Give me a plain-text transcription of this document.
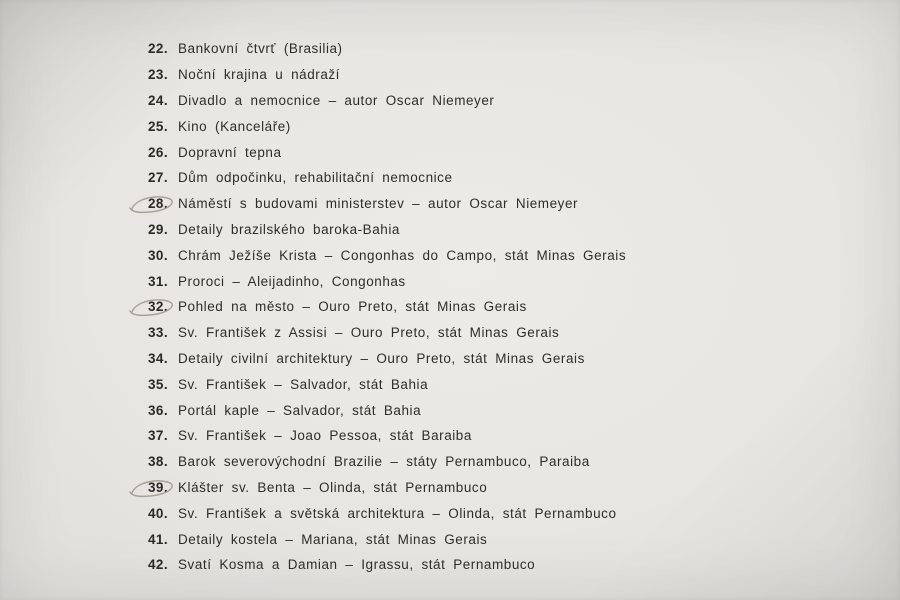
22. Bankovní čtvrť (Brasilia)
23. Noční krajina u nádraží
24. Divadlo a nemocnice – autor Oscar Niemeyer
25. Kino (Kanceláře)
26. Dopravní tepna
27. Dům odpočinku, rehabilitační nemocnice
28. Náměstí s budovami ministerstev – autor Oscar Niemeyer
29. Detaily brazilského baroka-Bahia
30. Chrám Ježíše Krista – Congonhas do Campo, stát Minas Gerais
31. Proroci – Aleijadinho, Congonhas
32. Pohled na město – Ouro Preto, stát Minas Gerais
33. Sv. František z Assisi – Ouro Preto, stát Minas Gerais
34. Detaily civilní architektury – Ouro Preto, stát Minas Gerais
35. Sv. František – Salvador, stát Bahia
36. Portál kaple – Salvador, stát Bahia
37. Sv. František – Joao Pessoa, stát Baraiba
38. Barok severovýchodní Brazilie – státy Pernambuco, Paraiba
39. Klášter sv. Benta – Olinda, stát Pernambuco
40. Sv. František a světská architektura – Olinda, stát Pernambuco
41. Detaily kostela – Mariana, stát Minas Gerais
42. Svatí Kosma a Damian – Igrassu, stát Pernambuco
